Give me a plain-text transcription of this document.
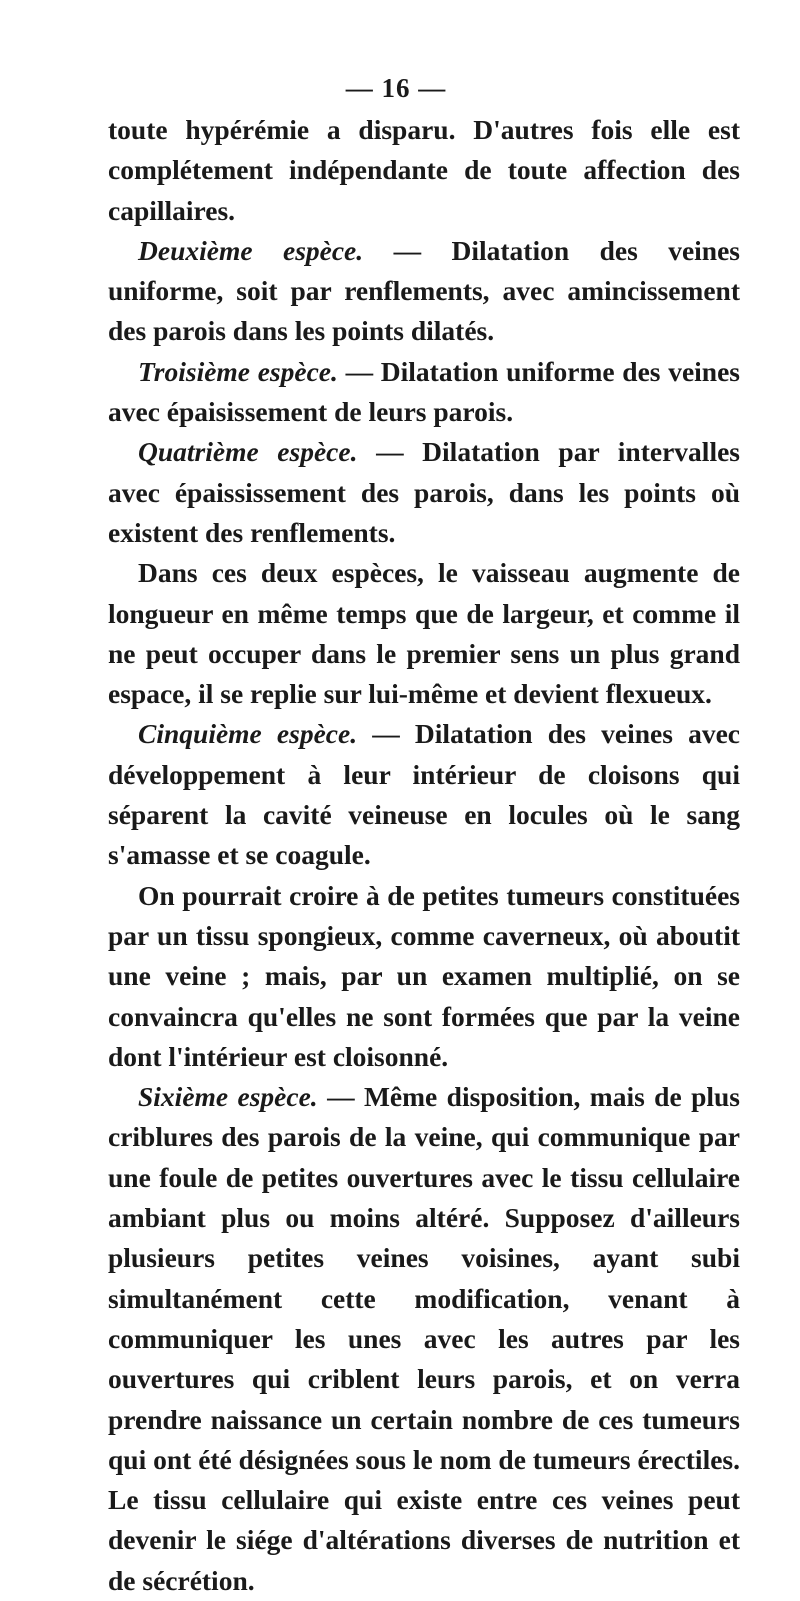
— 16 —

toute hypérémie a disparu. D'autres fois elle est complétement indépendante de toute affection des capillaires.

Deuxième espèce. — Dilatation des veines uniforme, soit par renflements, avec amincissement des parois dans les points dilatés.

Troisième espèce. — Dilatation uniforme des veines avec épaisissement de leurs parois.

Quatrième espèce. — Dilatation par intervalles avec épaississement des parois, dans les points où existent des renflements.

Dans ces deux espèces, le vaisseau augmente de longueur en même temps que de largeur, et comme il ne peut occuper dans le premier sens un plus grand espace, il se replie sur lui-même et devient flexueux.

Cinquième espèce. — Dilatation des veines avec développement à leur intérieur de cloisons qui séparent la cavité veineuse en locules où le sang s'amasse et se coagule.

On pourrait croire à de petites tumeurs constituées par un tissu spongieux, comme caverneux, où aboutit une veine ; mais, par un examen multiplié, on se convaincra qu'elles ne sont formées que par la veine dont l'intérieur est cloisonné.

Sixième espèce. — Même disposition, mais de plus criblures des parois de la veine, qui communique par une foule de petites ouvertures avec le tissu cellulaire ambiant plus ou moins altéré. Supposez d'ailleurs plusieurs petites veines voisines, ayant subi simultanément cette modification, venant à communiquer les unes avec les autres par les ouvertures qui criblent leurs parois, et on verra prendre naissance un certain nombre de ces tumeurs qui ont été désignées sous le nom de tumeurs érectiles. Le tissu cellulaire qui existe entre ces veines peut devenir le siége d'altérations diverses de nutrition et de sécrétion.
